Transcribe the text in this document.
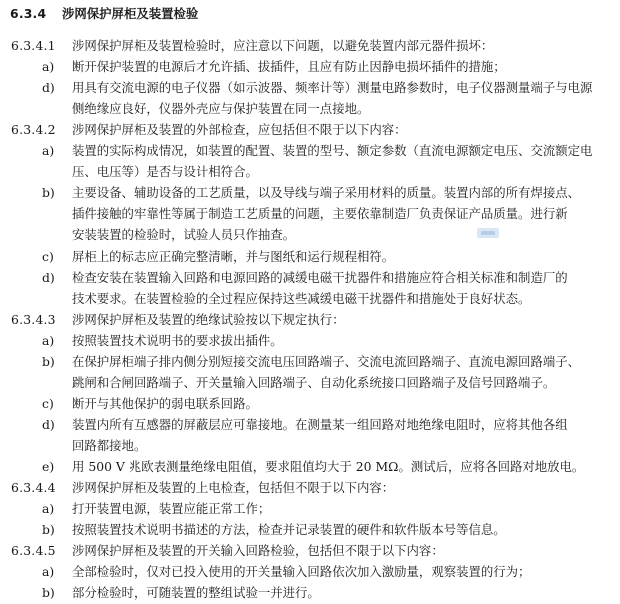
6.3.4 涉网保护屏柜及装置检验
6.3.4.1 涉网保护屏柜及装置检验时，应注意以下问题，以避免装置内部元器件损坏：
a) 断开保护装置的电源后才允许插、拔插件，且应有防止因静电损坏插件的措施；
d) 用具有交流电源的电子仪器（如示波器、频率计等）测量电路参数时，电子仪器测量端子与电源
侧绝缘应良好，仪器外壳应与保护装置在同一点接地。
6.3.4.2 涉网保护屏柜及装置的外部检查，应包括但不限于以下内容：
a) 装置的实际构成情况，如装置的配置、装置的型号、额定参数（直流电源额定电压、交流额定电
压、电压等）是否与设计相符合。
b) 主要设备、辅助设备的工艺质量，以及导线与端子采用材料的质量。装置内部的所有焊接点、
插件接触的牢靠性等属于制造工艺质量的问题，主要依靠制造厂负责保证产品质量。进行新
安装装置的检验时，试验人员只作抽查。
c) 屏柜上的标志应正确完整清晰，并与图纸和运行规程相符。
d) 检查安装在装置输入回路和电源回路的减缓电磁干扰器件和措施应符合相关标准和制造厂的
技术要求。在装置检验的全过程应保持这些减缓电磁干扰器件和措施处于良好状态。
6.3.4.3 涉网保护屏柜及装置的绝缘试验按以下规定执行：
a) 按照装置技术说明书的要求拔出插件。
b) 在保护屏柜端子排内侧分别短接交流电压回路端子、交流电流回路端子、直流电源回路端子、
跳闸和合闸回路端子、开关量输入回路端子、自动化系统接口回路端子及信号回路端子。
c) 断开与其他保护的弱电联系回路。
d) 装置内所有互感器的屏蔽层应可靠接地。在测量某一组回路对地绝缘电阻时，应将其他各组
回路都接地。
e) 用 500 V 兆欧表测量绝缘电阻值，要求阻值均大于 20 MΩ。测试后，应将各回路对地放电。
6.3.4.4 涉网保护屏柜及装置的上电检查，包括但不限于以下内容：
a) 打开装置电源，装置应能正常工作；
b) 按照装置技术说明书描述的方法，检查并记录装置的硬件和软件版本号等信息。
6.3.4.5 涉网保护屏柜及装置的开关输入回路检验，包括但不限于以下内容：
a) 全部检验时，仅对已投入使用的开关量输入回路依次加入激励量，观察装置的行为；
b) 部分检验时，可随装置的整组试验一并进行。
